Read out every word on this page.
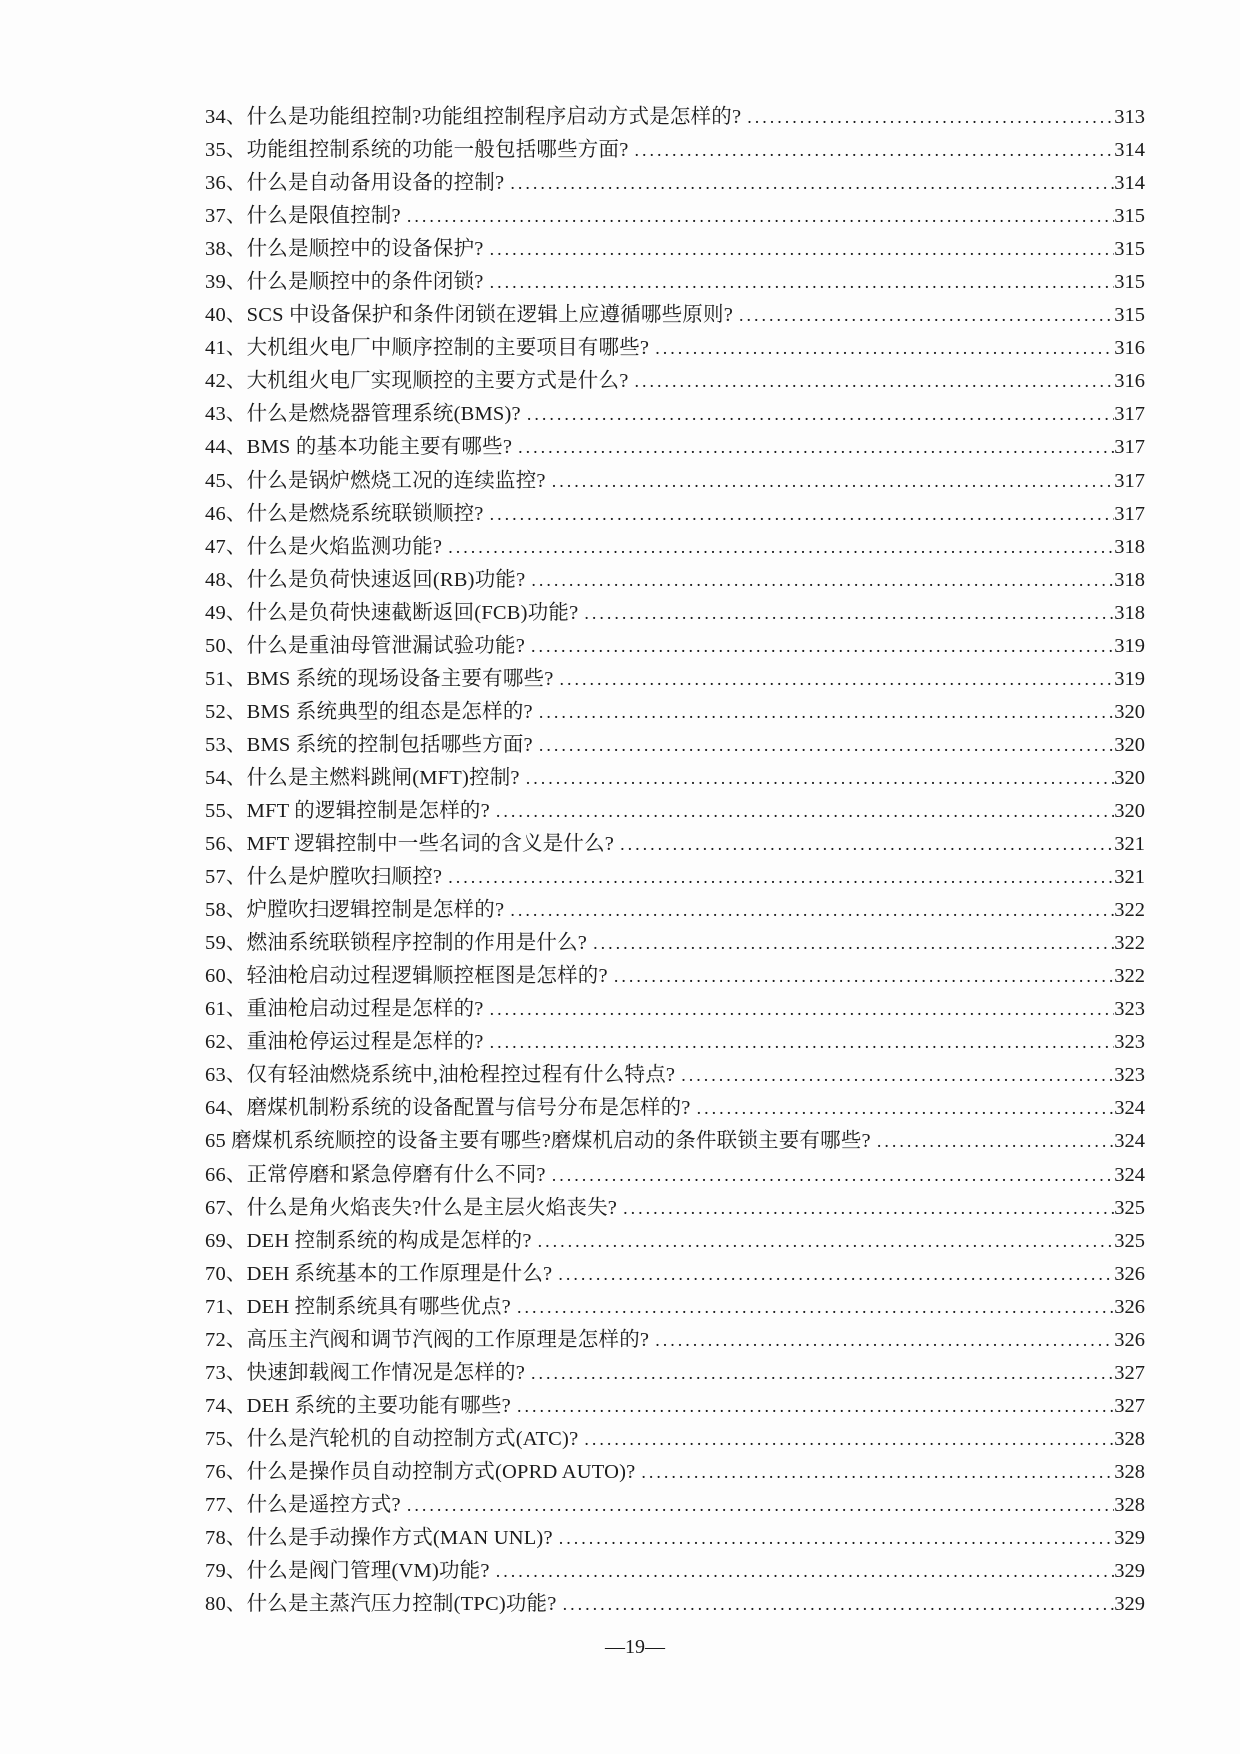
34、什么是功能组控制?功能组控制程序启动方式是怎样的? .....	313
35、功能组控制系统的功能一般包括哪些方面? .....	314
36、什么是自动备用设备的控制? .....	314
37、什么是限值控制? .....	315
38、什么是顺控中的设备保护? .....	315
39、什么是顺控中的条件闭锁? .....	315
40、SCS 中设备保护和条件闭锁在逻辑上应遵循哪些原则? .....	315
41、大机组火电厂中顺序控制的主要项目有哪些? .....	316
42、大机组火电厂实现顺控的主要方式是什么? .....	316
43、什么是燃烧器管理系统(BMS)? .....	317
44、BMS 的基本功能主要有哪些? .....	317
45、什么是锅炉燃烧工况的连续监控? .....	317
46、什么是燃烧系统联锁顺控? .....	317
47、什么是火焰监测功能? .....	318
48、什么是负荷快速返回(RB)功能? .....	318
49、什么是负荷快速截断返回(FCB)功能? .....	318
50、什么是重油母管泄漏试验功能? .....	319
51、BMS 系统的现场设备主要有哪些? .....	319
52、BMS 系统典型的组态是怎样的? .....	320
53、BMS 系统的控制包括哪些方面? .....	320
54、什么是主燃料跳闸(MFT)控制? .....	320
55、MFT 的逻辑控制是怎样的? .....	320
56、MFT 逻辑控制中一些名词的含义是什么? .....	321
57、什么是炉膛吹扫顺控? .....	321
58、炉膛吹扫逻辑控制是怎样的? .....	322
59、燃油系统联锁程序控制的作用是什么? .....	322
60、轻油枪启动过程逻辑顺控框图是怎样的? .....	322
61、重油枪启动过程是怎样的? .....	323
62、重油枪停运过程是怎样的? .....	323
63、仅有轻油燃烧系统中,油枪程控过程有什么特点? .....	323
64、磨煤机制粉系统的设备配置与信号分布是怎样的? .....	324
65 磨煤机系统顺控的设备主要有哪些?磨煤机启动的条件联锁主要有哪些? .....	324
66、正常停磨和紧急停磨有什么不同? .....	324
67、什么是角火焰丧失?什么是主层火焰丧失? .....	325
69、DEH 控制系统的构成是怎样的? .....	325
70、DEH 系统基本的工作原理是什么? .....	326
71、DEH 控制系统具有哪些优点? .....	326
72、高压主汽阀和调节汽阀的工作原理是怎样的? .....	326
73、快速卸载阀工作情况是怎样的? .....	327
74、DEH 系统的主要功能有哪些? .....	327
75、什么是汽轮机的自动控制方式(ATC)? .....	328
76、什么是操作员自动控制方式(OPRD AUTO)? .....	328
77、什么是遥控方式? .....	328
78、什么是手动操作方式(MAN UNL)? .....	329
79、什么是阀门管理(VM)功能? .....	329
80、什么是主蒸汽压力控制(TPC)功能? .....	329
—19—
